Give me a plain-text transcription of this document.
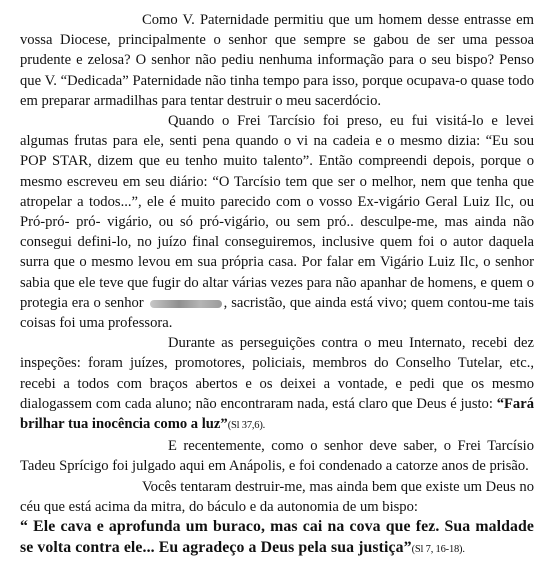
Como V. Paternidade permitiu que um homem desse entrasse em vossa Diocese, principalmente o senhor que sempre se gabou de ser uma pessoa prudente e zelosa? O senhor não pediu nenhuma informação para o seu bispo? Penso que V. “Dedicada” Paternidade não tinha tempo para isso, porque ocupava-o quase todo em preparar armadilhas para tentar destruir o meu sacerdócio.

Quando o Frei Tarcísio foi preso, eu fui visitá-lo e levei algumas frutas para ele, senti pena quando o vi na cadeia e o mesmo dizia: “Eu sou POP STAR, dizem que eu tenho muito talento”. Então compreendi depois, porque o mesmo escreveu em seu diário: “O Tarcísio tem que ser o melhor, nem que tenha que atropelar a todos...”, ele é muito parecido com o vosso Ex-vigário Geral Luiz Ilc, ou Pró-pró- pró- vigário, ou só pró-vigário, ou sem pró.. desculpe-me, mas ainda não consegui defini-lo, no juízo final conseguiremos, inclusive quem foi o autor daquela surra que o mesmo levou em sua própria casa. Por falar em Vigário Luiz Ilc, o senhor sabia que ele teve que fugir do altar várias vezes para não apanhar de homens, e quem o protegia era o senhor	, sacristão, que ainda está vivo; quem contou-me tais coisas foi uma professora.

Durante as perseguições contra o meu Internato, recebi dez inspeções: foram juízes, promotores, policiais, membros do Conselho Tutelar, etc., recebi a todos com braços abertos e os deixei a vontade, e pedi que os mesmo dialogassem com cada aluno; não encontraram nada, está claro que Deus é justo: “Fará brilhar tua inocência como a luz”(Sl 37,6).

E recentemente, como o senhor deve saber, o Frei Tarcísio Tadeu Sprícigo foi julgado aqui em Anápolis, e foi condenado a catorze anos de prisão.

Vocês tentaram destruir-me, mas ainda bem que existe um Deus no céu que está acima da mitra, do báculo e da autonomia de um bispo:

“ Ele cava e aprofunda um buraco, mas cai na cova que fez. Sua maldade se volta contra ele... Eu agradeço a Deus pela sua justiça”(Sl 7, 16-18).
